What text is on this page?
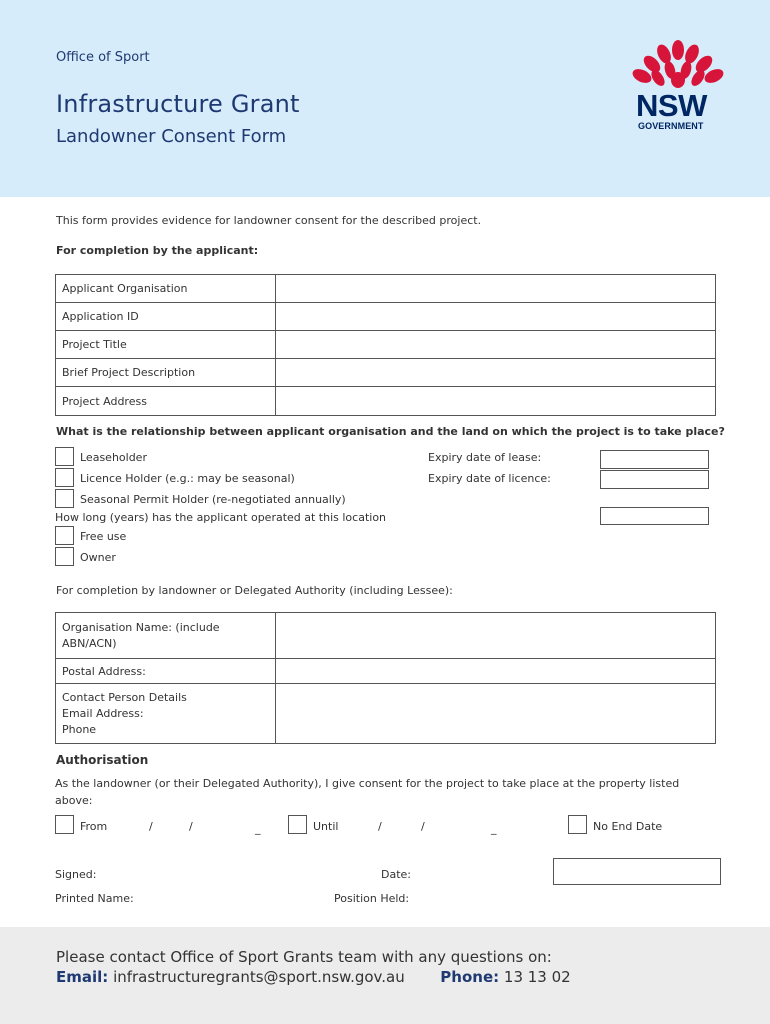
Office of Sport
Infrastructure Grant
Landowner Consent Form
NSW
GOVERNMENT
This form provides evidence for landowner consent for the described project.
For completion by the applicant:
Applicant Organisation	
Application ID	
Project Title	
Brief Project Description	
Project Address	
What is the relationship between applicant organisation and the land on which the project is to take place?
Leaseholder	Expiry date of lease:
Licence Holder (e.g.: may be seasonal)	Expiry date of licence:
Seasonal Permit Holder (re-negotiated annually)
How long (years) has the applicant operated at this location
Free use
Owner
For completion by landowner or Delegated Authority (including Lessee):
Organisation Name: (include
ABN/ACN)	

Postal Address:	

Contact Person Details
Email Address:
Phone	

Authorisation
As the landowner (or their Delegated Authority), I give consent for the project to take place at the property listed
above:
From	/	/	_	Until	/	/	_	No End Date
Signed:	Date:
Printed Name:	Position Held:
Please contact Office of Sport Grants team with any questions on:
Email: infrastructuregrants@sport.nsw.gov.au Phone: 13 13 02
